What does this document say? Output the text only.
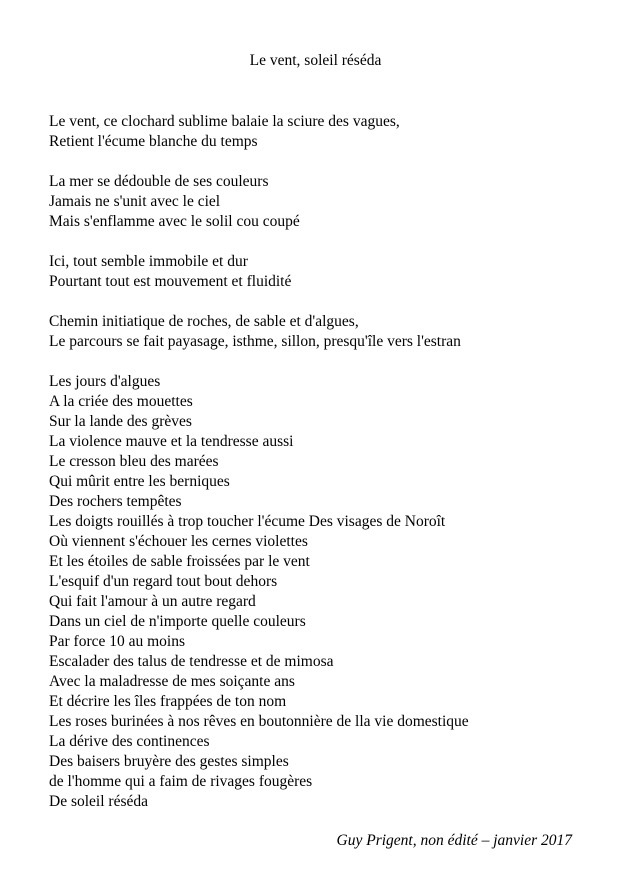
Le vent, soleil réséda
Le vent, ce clochard sublime balaie la sciure des vagues,
Retient l'écume blanche du temps
La mer se dédouble de ses couleurs
Jamais ne s'unit avec le ciel
Mais s'enflamme avec le solil cou coupé
Ici, tout semble immobile et dur
Pourtant tout est mouvement et fluidité
Chemin initiatique de roches, de sable et d'algues,
Le parcours se fait payasage, isthme, sillon, presqu'île vers l'estran
Les jours d'algues
A la criée des mouettes
Sur la lande des grèves
La violence mauve et la tendresse aussi
Le cresson bleu des marées
Qui mûrit entre les berniques
Des rochers tempêtes
Les doigts rouillés à trop toucher l'écume Des visages de Noroît
Où viennent s'échouer les cernes violettes
Et les étoiles de sable froissées par le vent
L'esquif d'un regard tout bout dehors
Qui fait l'amour à un autre regard
Dans un ciel de n'importe quelle couleurs
Par force 10 au moins
Escalader des talus de tendresse et de mimosa
Avec la maladresse de mes soiçante ans
Et décrire les îles frappées de ton nom
Les roses burinées à nos rêves en boutonnière de lla vie domestique
La dérive des continences
Des baisers bruyère des gestes simples
de l'homme qui a faim de rivages fougères
De soleil réséda
Guy Prigent, non édité – janvier 2017
